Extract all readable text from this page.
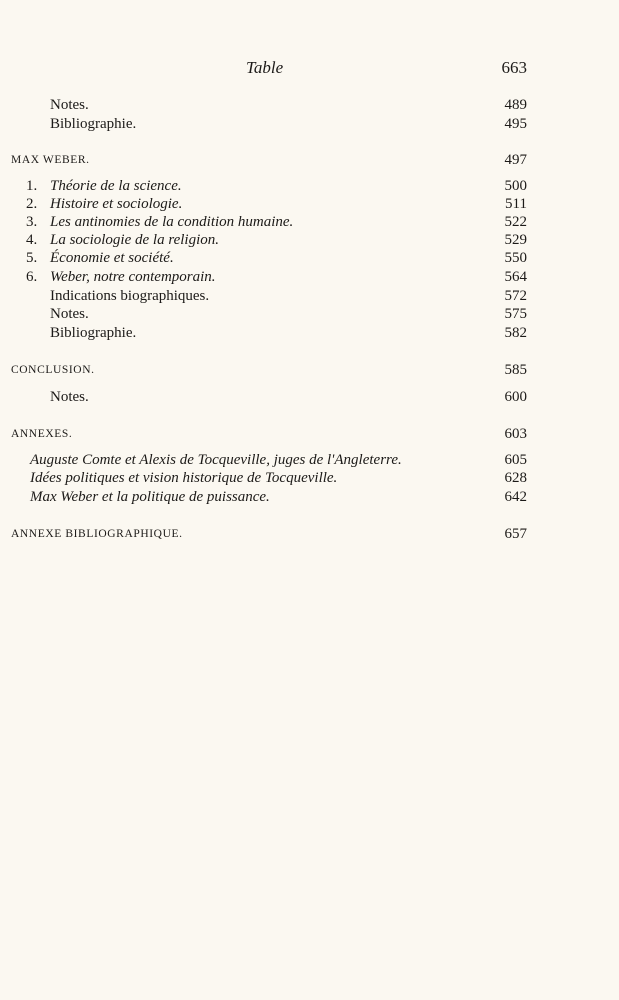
Table	663
Notes.	489
Bibliographie.	495
MAX WEBER.	497
1. Théorie de la science.	500
2. Histoire et sociologie.	511
3. Les antinomies de la condition humaine.	522
4. La sociologie de la religion.	529
5. Économie et société.	550
6. Weber, notre contemporain.	564
Indications biographiques.	572
Notes.	575
Bibliographie.	582
CONCLUSION.	585
Notes.	600
ANNEXES.	603
Auguste Comte et Alexis de Tocqueville, juges de l'Angleterre.	605
Idées politiques et vision historique de Tocqueville.	628
Max Weber et la politique de puissance.	642
ANNEXE BIBLIOGRAPHIQUE.	657
